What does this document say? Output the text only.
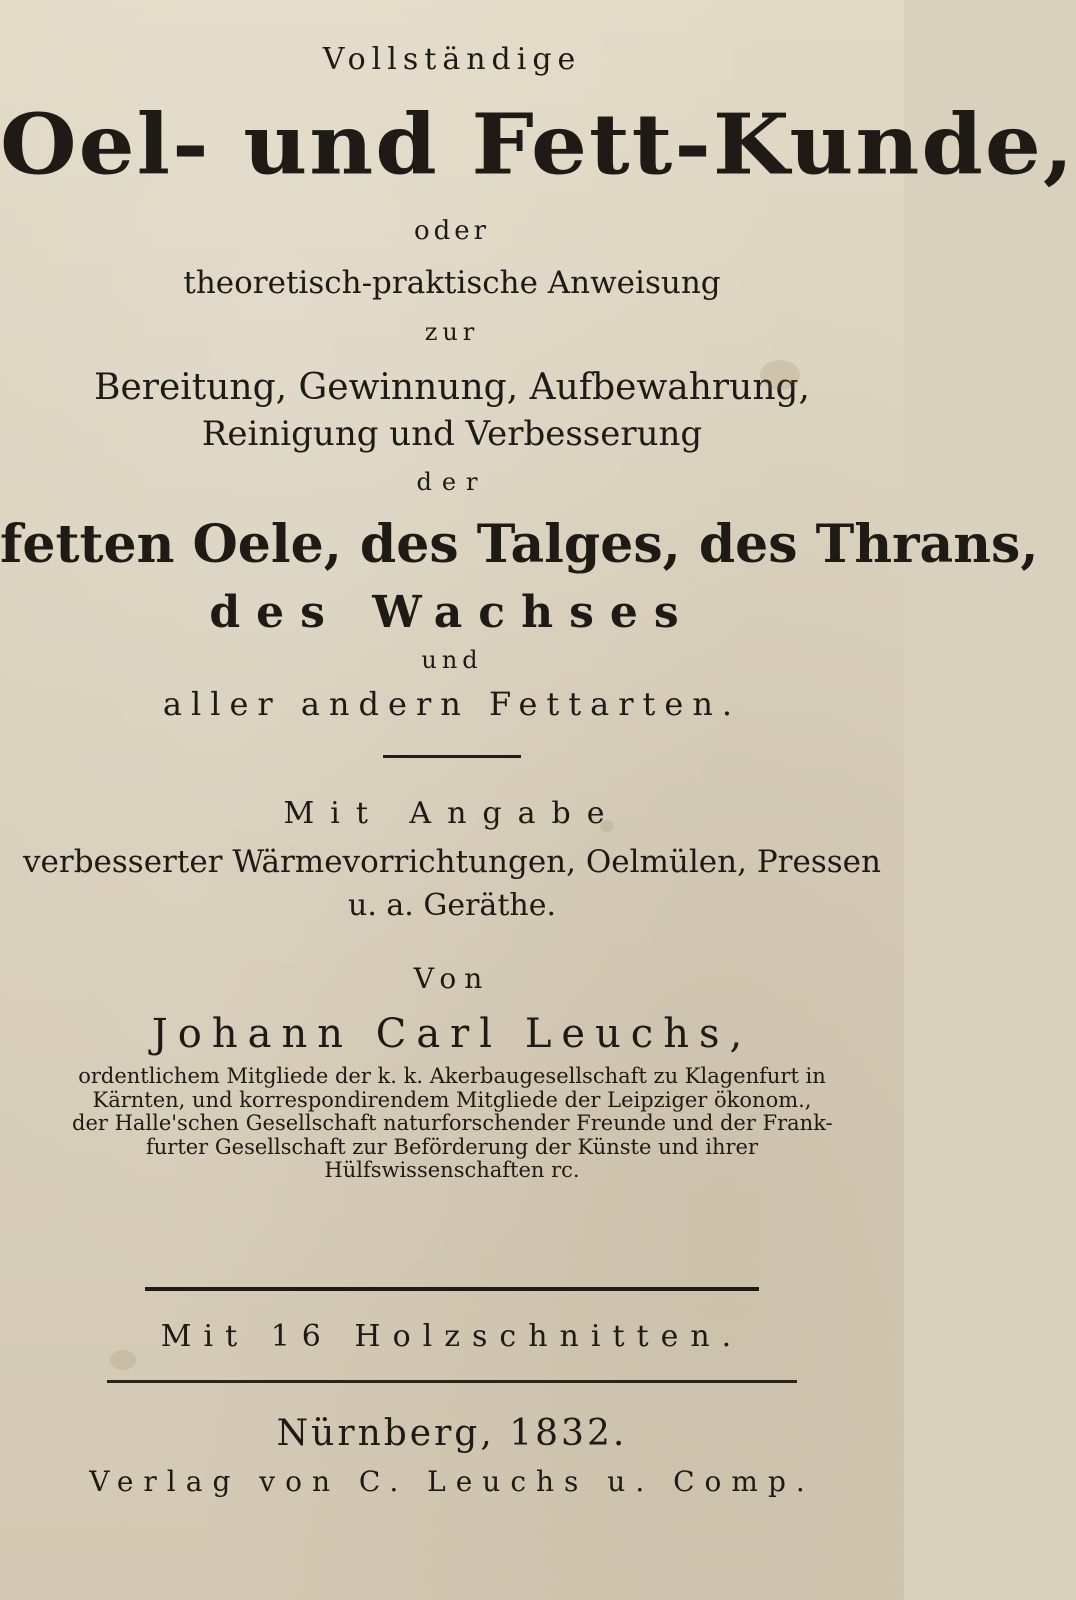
Vollständige

Oel- und Fett-Kunde,

oder

theoretisch-praktische Anweisung

zur

Bereitung, Gewinnung, Aufbewahrung,

Reinigung und Verbesserung

der

fetten Oele, des Talges, des Thrans,

des Wachses

und

aller andern Fettarten.

Mit Angabe

verbesserter Wärmevorrichtungen, Oelmülen, Pressen

u. a. Geräthe.

Von

Johann Carl Leuchs,

ordentlichem Mitgliede der k. k. Akerbaugesellschaft zu Klagenfurt in
Kärnten, und korrespondirendem Mitgliede der Leipziger ökonom.,
der Halle'schen Gesellschaft naturforschender Freunde und der Frank-
furter Gesellschaft zur Beförderung der Künste und ihrer
Hülfswissenschaften rc.

Mit 16 Holzschnitten.

Nürnberg, 1832.

Verlag von C. Leuchs u. Comp.
